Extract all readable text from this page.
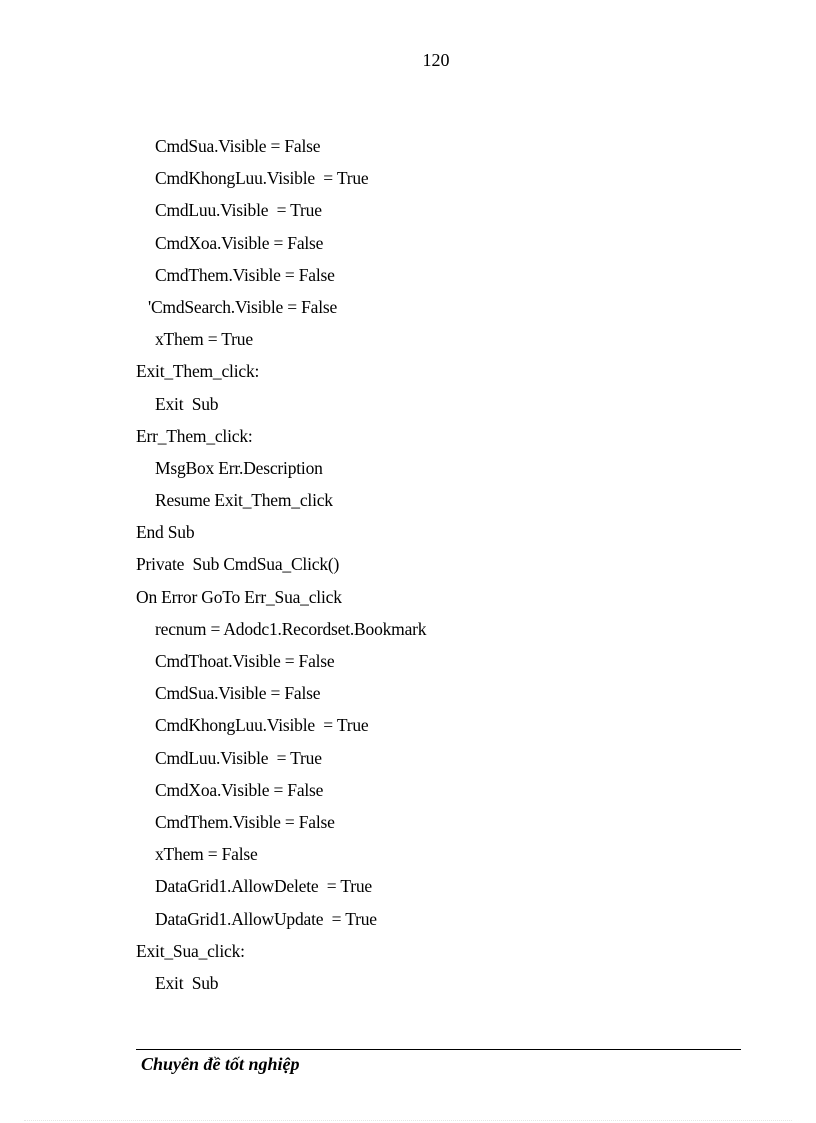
120
CmdSua.Visible = False
CmdKhongLuu.Visible  = True
CmdLuu.Visible  = True
CmdXoa.Visible = False
CmdThem.Visible = False
'CmdSearch.Visible = False
xThem = True
Exit_Them_click:
Exit  Sub
Err_Them_click:
MsgBox Err.Description
Resume Exit_Them_click
End Sub
Private  Sub CmdSua_Click()
On Error GoTo Err_Sua_click
recnum = Adodc1.Recordset.Bookmark
CmdThoat.Visible = False
CmdSua.Visible = False
CmdKhongLuu.Visible  = True
CmdLuu.Visible  = True
CmdXoa.Visible = False
CmdThem.Visible = False
xThem = False
DataGrid1.AllowDelete  = True
DataGrid1.AllowUpdate  = True
Exit_Sua_click:
Exit  Sub
Chuyên đề tốt nghiệp
